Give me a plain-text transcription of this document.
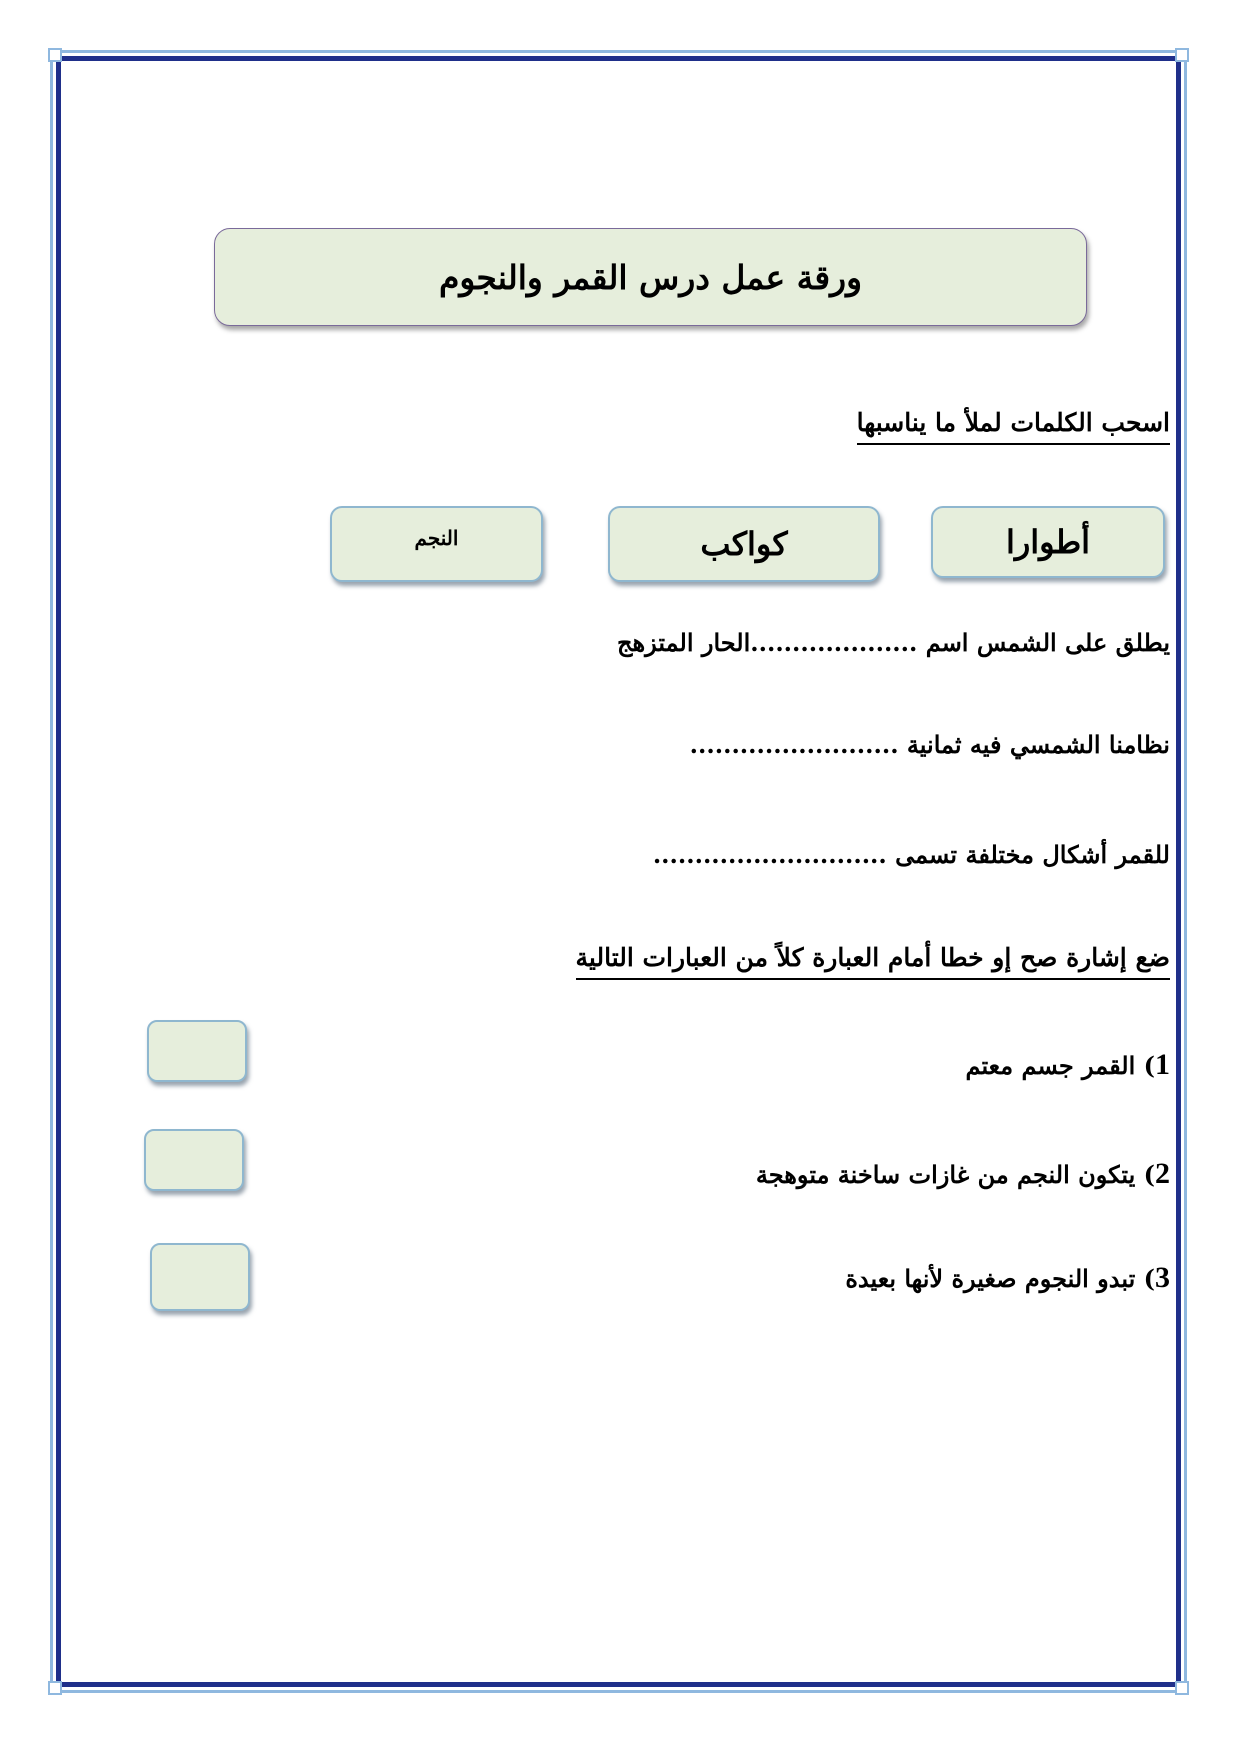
ورقة عمل درس القمر والنجوم
اسحب الكلمات لملأ ما يناسبها
أطوارا
كواكب
النجم
يطلق على الشمس اسم ....................الحار المتزهج
نظامنا الشمسي فيه ثمانية .........................
للقمر أشكال مختلفة تسمى ............................
ضع إشارة صح إو خطا أمام العبارة كلاً من العبارات التالية
1) القمر جسم معتم
2) يتكون النجم من غازات ساخنة متوهجة
3) تبدو النجوم صغيرة لأنها بعيدة
